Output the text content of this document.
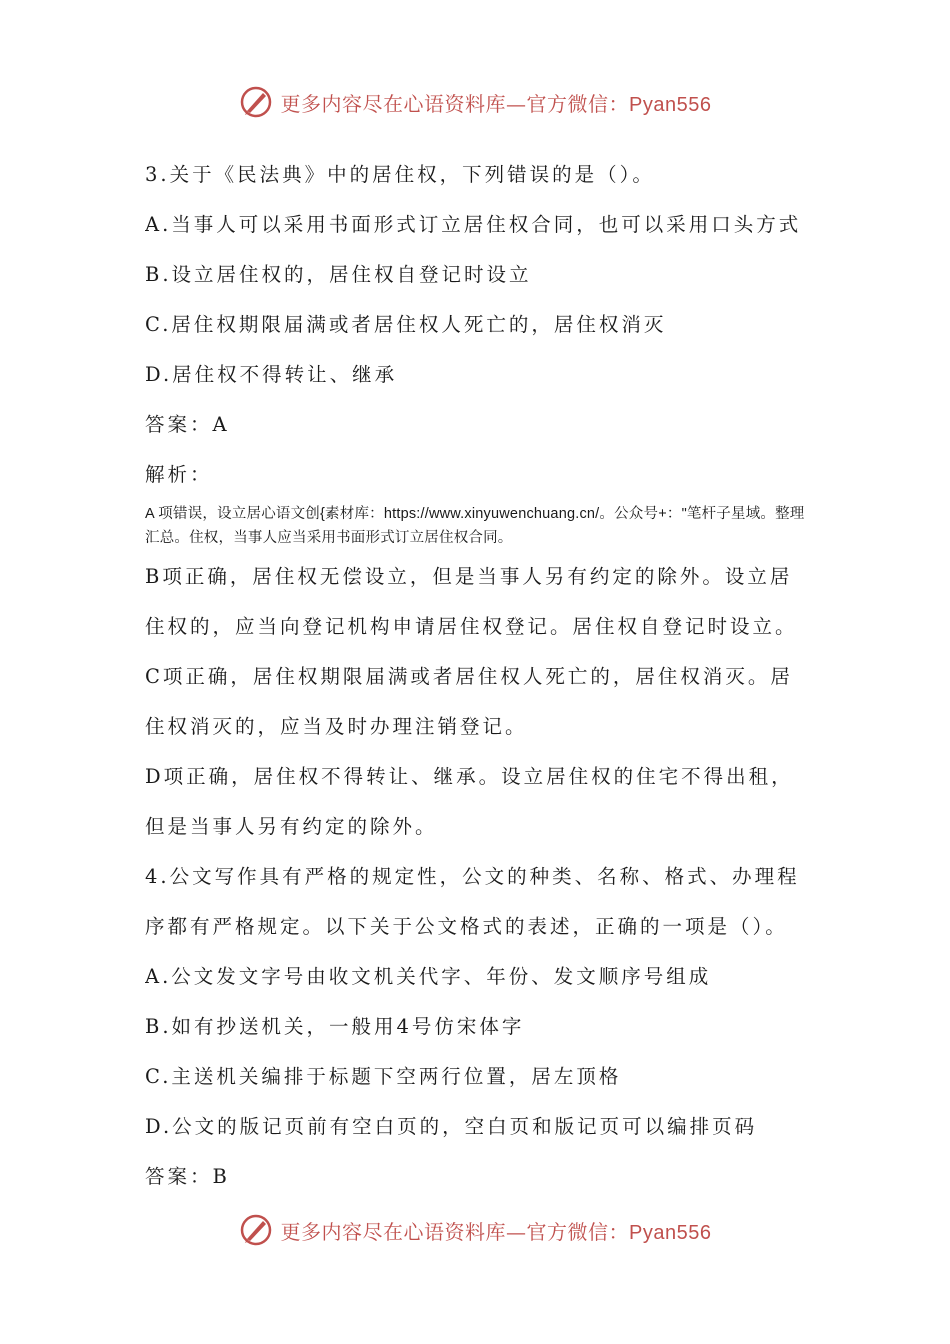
更多内容尽在心语资料库—官方微信：Pyan556
3.关于《民法典》中的居住权，下列错误的是（）。
A.当事人可以采用书面形式订立居住权合同，也可以采用口头方式
B.设立居住权的，居住权自登记时设立
C.居住权期限届满或者居住权人死亡的，居住权消灭
D.居住权不得转让、继承
答案：A
解析：
A 项错误，设立居心语文创{素材库：https://www.xinyuwenchuang.cn/。公众号+："笔杆子星域。整理汇总。住权，当事人应当采用书面形式订立居住权合同。
B项正确，居住权无偿设立，但是当事人另有约定的除外。设立居
住权的，应当向登记机构申请居住权登记。居住权自登记时设立。
C项正确，居住权期限届满或者居住权人死亡的，居住权消灭。居
住权消灭的，应当及时办理注销登记。
D项正确，居住权不得转让、继承。设立居住权的住宅不得出租，
但是当事人另有约定的除外。
4.公文写作具有严格的规定性，公文的种类、名称、格式、办理程
序都有严格规定。以下关于公文格式的表述，正确的一项是（）。
A.公文发文字号由收文机关代字、年份、发文顺序号组成
B.如有抄送机关，一般用4号仿宋体字
C.主送机关编排于标题下空两行位置，居左顶格
D.公文的版记页前有空白页的，空白页和版记页可以编排页码
答案：B
更多内容尽在心语资料库—官方微信：Pyan556
